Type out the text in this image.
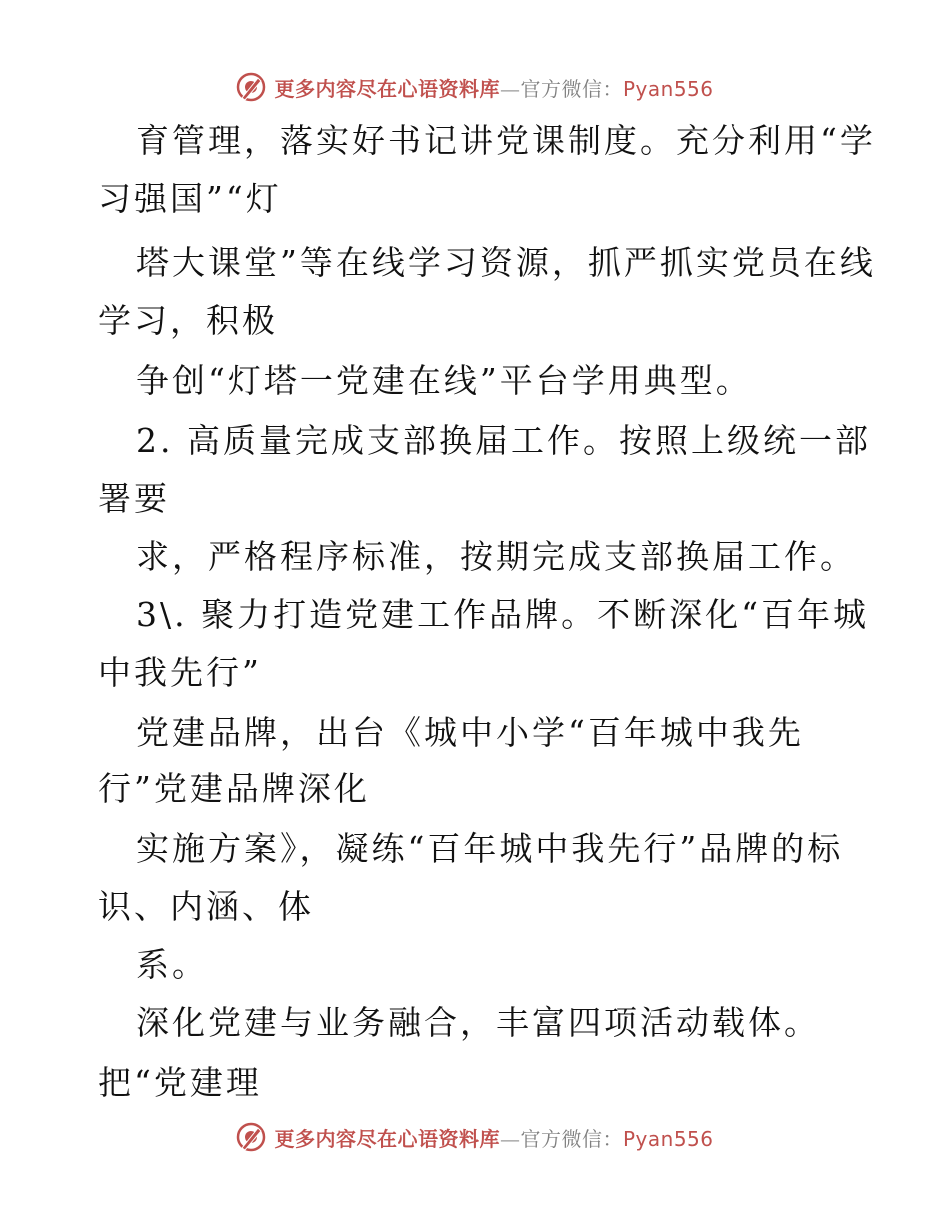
更多内容尽在心语资料库—官方微信：Pyan556
育管理，落实好书记讲党课制度。充分利用“学
习强国”“灯
塔大课堂”等在线学习资源，抓严抓实党员在线
学习，积极
争创“灯塔一党建在线”平台学用典型。
2. 高质量完成支部换届工作。按照上级统一部
署要
求，严格程序标准，按期完成支部换届工作。
3\. 聚力打造党建工作品牌。不断深化“百年城
中我先行”
党建品牌，出台《城中小学“百年城中我先
行”党建品牌深化
实施方案》，凝练“百年城中我先行”品牌的标
识、内涵、体
系。
深化党建与业务融合，丰富四项活动载体。
把“党建理
更多内容尽在心语资料库—官方微信：Pyan556
